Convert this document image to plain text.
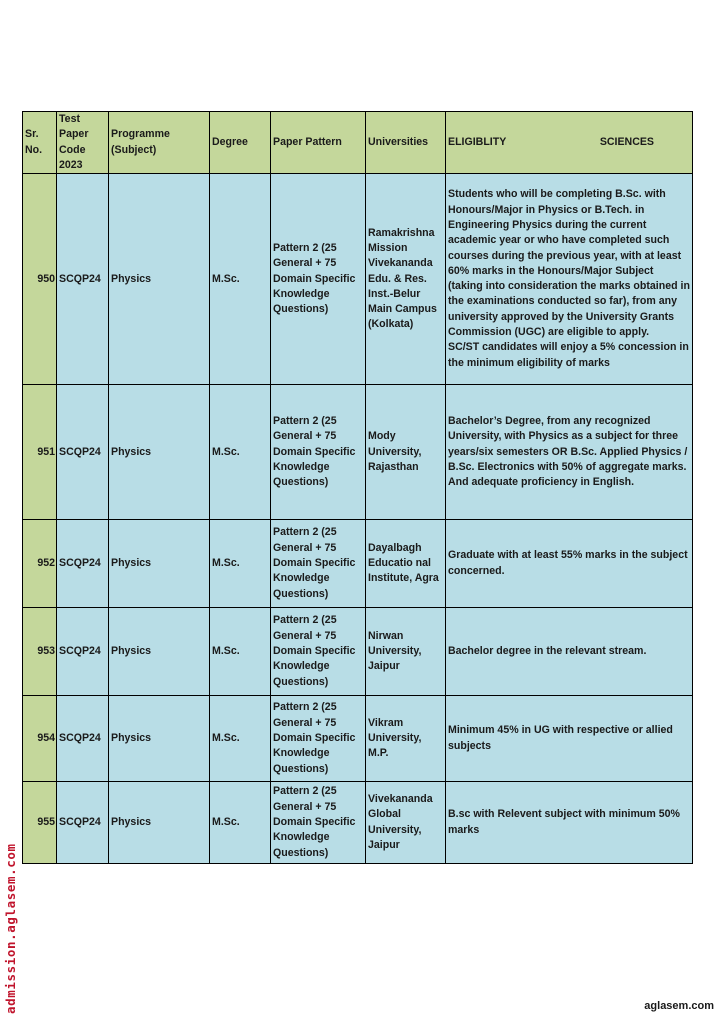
Sr. No.	Test Paper Code 2023	Programme (Subject)	Degree	Paper Pattern	Universities	ELIGIBLITY SCIENCES

950	SCQP24	Physics	M.Sc.	Pattern 2 (25 General + 75 Domain Specific Knowledge Questions)	Ramakrishna Mission Vivekananda Edu. & Res. Inst.-Belur Main Campus (Kolkata)	Students who will be completing B.Sc. with Honours/Major in Physics or B.Tech. in Engineering Physics during the current academic year or who have completed such courses during the previous year, with at least 60% marks in the Honours/Major Subject (taking into consideration the marks obtained in the examinations conducted so far), from any university approved by the University Grants Commission (UGC) are eligible to apply.
SC/ST candidates will enjoy a 5% concession in the minimum eligibility of marks
951	SCQP24	Physics	M.Sc.	Pattern 2 (25 General + 75 Domain Specific Knowledge Questions)	Mody University, Rajasthan	Bachelor’s Degree, from any recognized University, with Physics as a subject for three years/six semesters OR B.Sc. Applied Physics / B.Sc. Electronics with 50% of aggregate marks. And adequate proficiency in English.
952	SCQP24	Physics	M.Sc.	Pattern 2 (25 General + 75 Domain Specific Knowledge Questions)	Dayalbagh Educatio nal Institute, Agra	Graduate with at least 55% marks in the subject concerned.
953	SCQP24	Physics	M.Sc.	Pattern 2 (25 General + 75 Domain Specific Knowledge Questions)	Nirwan University, Jaipur	Bachelor degree in the relevant stream.
954	SCQP24	Physics	M.Sc.	Pattern 2 (25 General + 75 Domain Specific Knowledge Questions)	Vikram University, M.P.	Minimum 45% in UG with respective or allied subjects
955	SCQP24	Physics	M.Sc.	Pattern 2 (25 General + 75 Domain Specific Knowledge Questions)	Vivekananda Global University, Jaipur	B.sc with Relevent subject with minimum 50% marks
admission.aglasem.com	aglasem.com
